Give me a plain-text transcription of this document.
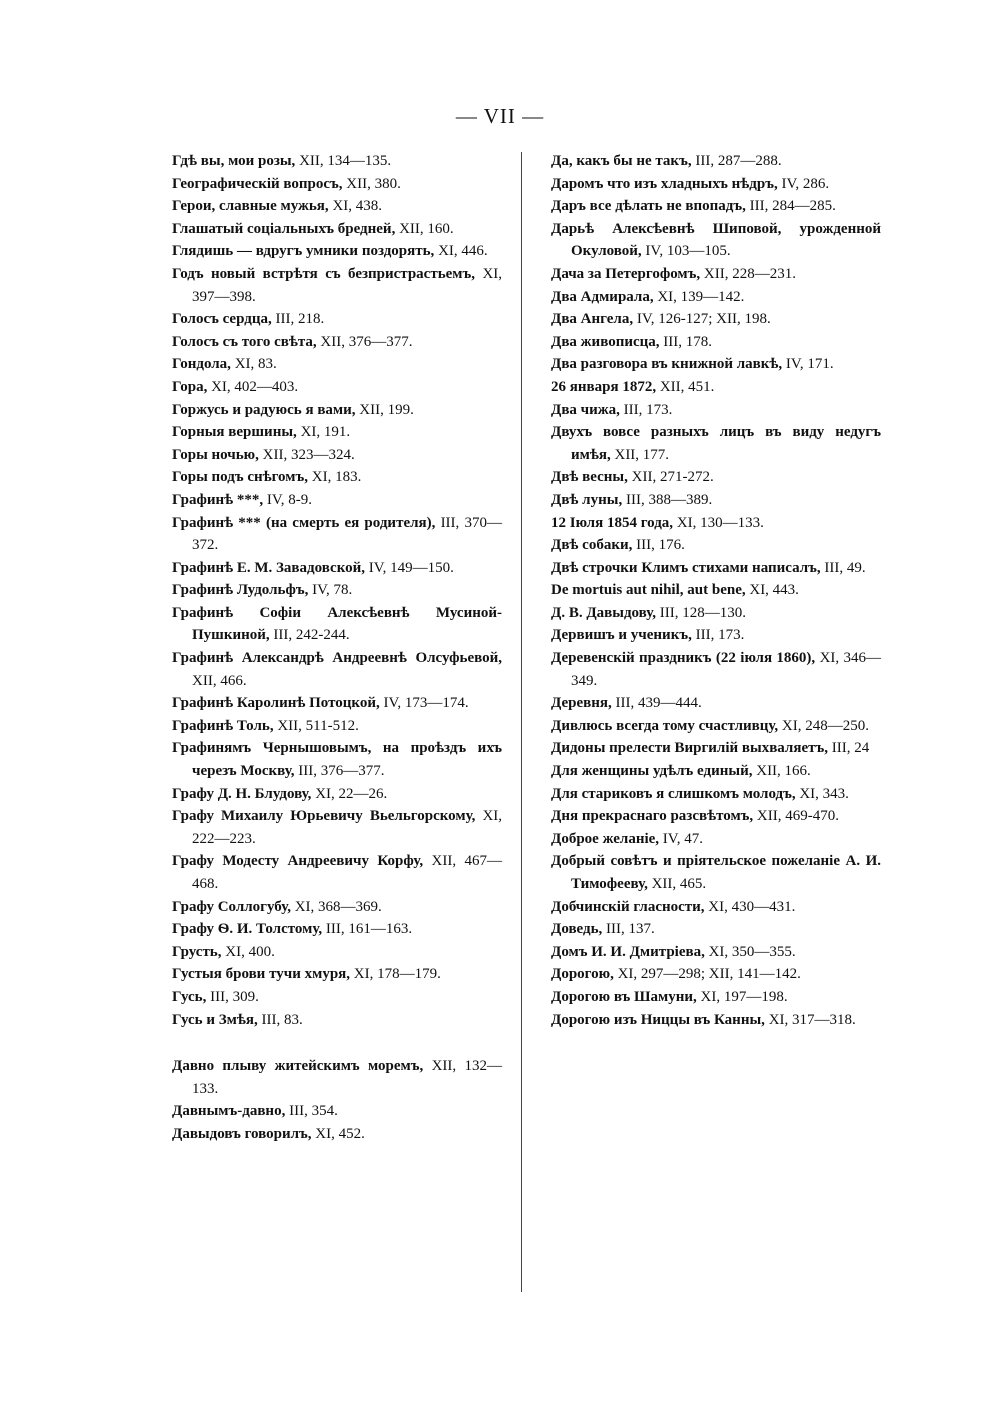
— VII —

Гдѣ вы, мои розы, XII, 134—135.

Географическій вопросъ, XII, 380.

Герои, славные мужья, XI, 438.

Глашатый соціальныхъ бредней, XII, 160.

Глядишь — вдругъ умники поздорять, XI, 446.

Годъ новый встрѣтя съ безпристрастьемъ, XI, 397—398.

Голосъ сердца, III, 218.

Голосъ съ того свѣта, XII, 376—377.

Гондола, XI, 83.

Гора, XI, 402—403.

Горжусь и радуюсь я вами, XII, 199.

Горныя вершины, XI, 191.

Горы ночью, XII, 323—324.

Горы подъ снѣгомъ, XI, 183.

Графинѣ ***, IV, 8-9.

Графинѣ *** (на смерть ея родителя), III, 370—372.

Графинѣ Е. М. Завадовской, IV, 149—150.

Графинѣ Лудольфъ, IV, 78.

Графинѣ Софіи Алексѣевнѣ Мусиной-Пушкиной, III, 242-244.

Графинѣ Александрѣ Андреевнѣ Олсуфьевой, XII, 466.

Графинѣ Каролинѣ Потоцкой, IV, 173—174.

Графинѣ Толь, XII, 511-512.

Графинямъ Чернышовымъ, на проѣздъ ихъ черезъ Москву, III, 376—377.

Графу Д. Н. Блудову, XI, 22—26.

Графу Михаилу Юрьевичу Вьельгорскому, XI, 222—223.

Графу Модесту Андреевичу Корфу, XII, 467—468.

Графу Соллогубу, XI, 368—369.

Графу Ѳ. И. Толстому, III, 161—163.

Грусть, XI, 400.

Густыя брови тучи хмуря, XI, 178—179.

Гусь, III, 309.

Гусь и Змѣя, III, 83.

Давно плыву житейскимъ моремъ, XII, 132—133.

Давнымъ-давно, III, 354.

Давыдовъ говорилъ, XI, 452.

Да, какъ бы не такъ, III, 287—288.

Даромъ что изъ хладныхъ нѣдръ, IV, 286.

Даръ все дѣлать не впопадъ, III, 284—285.

Дарьѣ Алексѣевнѣ Шиповой, урожденной Окуловой, IV, 103—105.

Дача за Петергофомъ, XII, 228—231.

Два Адмирала, XI, 139—142.

Два Ангела, IV, 126-127; XII, 198.

Два живописца, III, 178.

Два разговора въ книжной лавкѣ, IV, 171.

26 января 1872, XII, 451.

Два чижа, III, 173.

Двухъ вовсе разныхъ лицъ въ виду недугъ имѣя, XII, 177.

Двѣ весны, XII, 271-272.

Двѣ луны, III, 388—389.

12 Іюля 1854 года, XI, 130—133.

Двѣ собаки, III, 176.

Двѣ строчки Климъ стихами написалъ, III, 49.

De mortuis aut nihil, aut bene, XI, 443.

Д. В. Давыдову, III, 128—130.

Дервишъ и ученикъ, III, 173.

Деревенскій праздникъ (22 іюля 1860), XI, 346—349.

Деревня, III, 439—444.

Дивлюсь всегда тому счастливцу, XI, 248—250.

Дидоны прелести Виргилій выхваляетъ, III, 24

Для женщины удѣлъ единый, XII, 166.

Для стариковъ я слишкомъ молодъ, XI, 343.

Дня прекраснаго разсвѣтомъ, XII, 469-470.

Доброе желаніе, IV, 47.

Добрый совѣтъ и пріятельское пожеланіе А. И. Тимофееву, XII, 465.

Добчинскій гласности, XI, 430—431.

Доведь, III, 137.

Домъ И. И. Дмитріева, XI, 350—355.

Дорогою, XI, 297—298; XII, 141—142.

Дорогою въ Шамуни, XI, 197—198.

Дорогою изъ Ниццы въ Канны, XI, 317—318.
